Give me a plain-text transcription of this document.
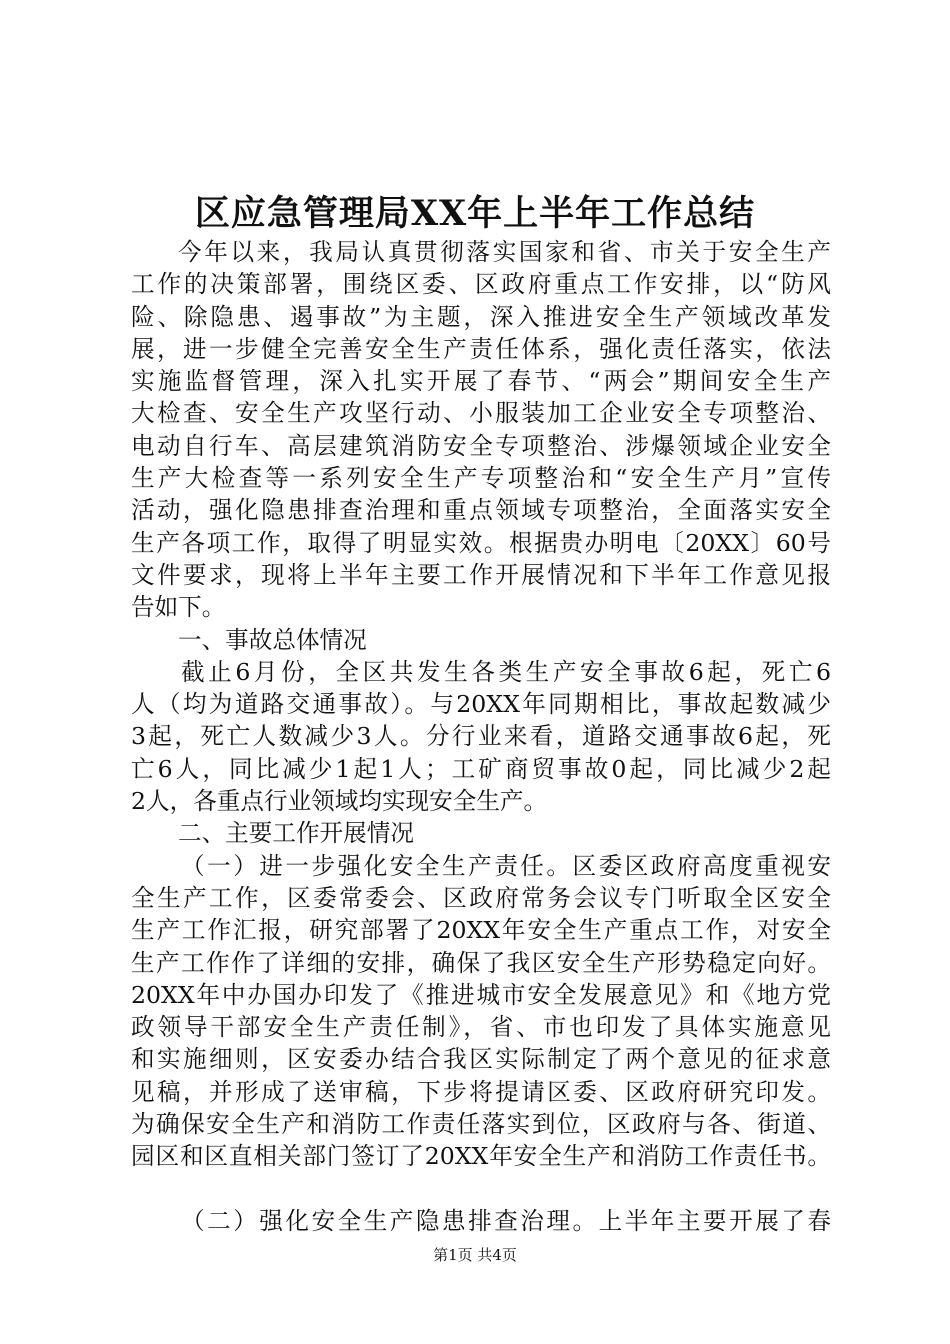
区应急管理局XX年上半年工作总结
今年以来，我局认真贯彻落实国家和省、市关于安全生产
工作的决策部署，围绕区委、区政府重点工作安排，以“防风
险、除隐患、遏事故”为主题，深入推进安全生产领域改革发
展，进一步健全完善安全生产责任体系，强化责任落实，依法
实施监督管理，深入扎实开展了春节、“两会”期间安全生产
大检查、安全生产攻坚行动、小服装加工企业安全专项整治、
电动自行车、高层建筑消防安全专项整治、涉爆领域企业安全
生产大检查等一系列安全生产专项整治和“安全生产月”宣传
活动，强化隐患排查治理和重点领域专项整治，全面落实安全
生产各项工作，取得了明显实效。根据贵办明电〔20XX〕60号
文件要求，现将上半年主要工作开展情况和下半年工作意见报
告如下。
一、事故总体情况
截止6月份，全区共发生各类生产安全事故6起，死亡6
人（均为道路交通事故）。与20XX年同期相比，事故起数减少
3起，死亡人数减少3人。分行业来看，道路交通事故6起，死
亡6人，同比减少1起1人；工矿商贸事故0起，同比减少2起
2人，各重点行业领域均实现安全生产。
二、主要工作开展情况
（一）进一步强化安全生产责任。区委区政府高度重视安
全生产工作，区委常委会、区政府常务会议专门听取全区安全
生产工作汇报，研究部署了20XX年安全生产重点工作，对安全
生产工作作了详细的安排，确保了我区安全生产形势稳定向好。
20XX年中办国办印发了《推进城市安全发展意见》和《地方党
政领导干部安全生产责任制》，省、市也印发了具体实施意见
和实施细则，区安委办结合我区实际制定了两个意见的征求意
见稿，并形成了送审稿，下步将提请区委、区政府研究印发。
为确保安全生产和消防工作责任落实到位，区政府与各、街道、
园区和区直相关部门签订了20XX年安全生产和消防工作责任书。
（二）强化安全生产隐患排查治理。上半年主要开展了春
第1页 共4页
